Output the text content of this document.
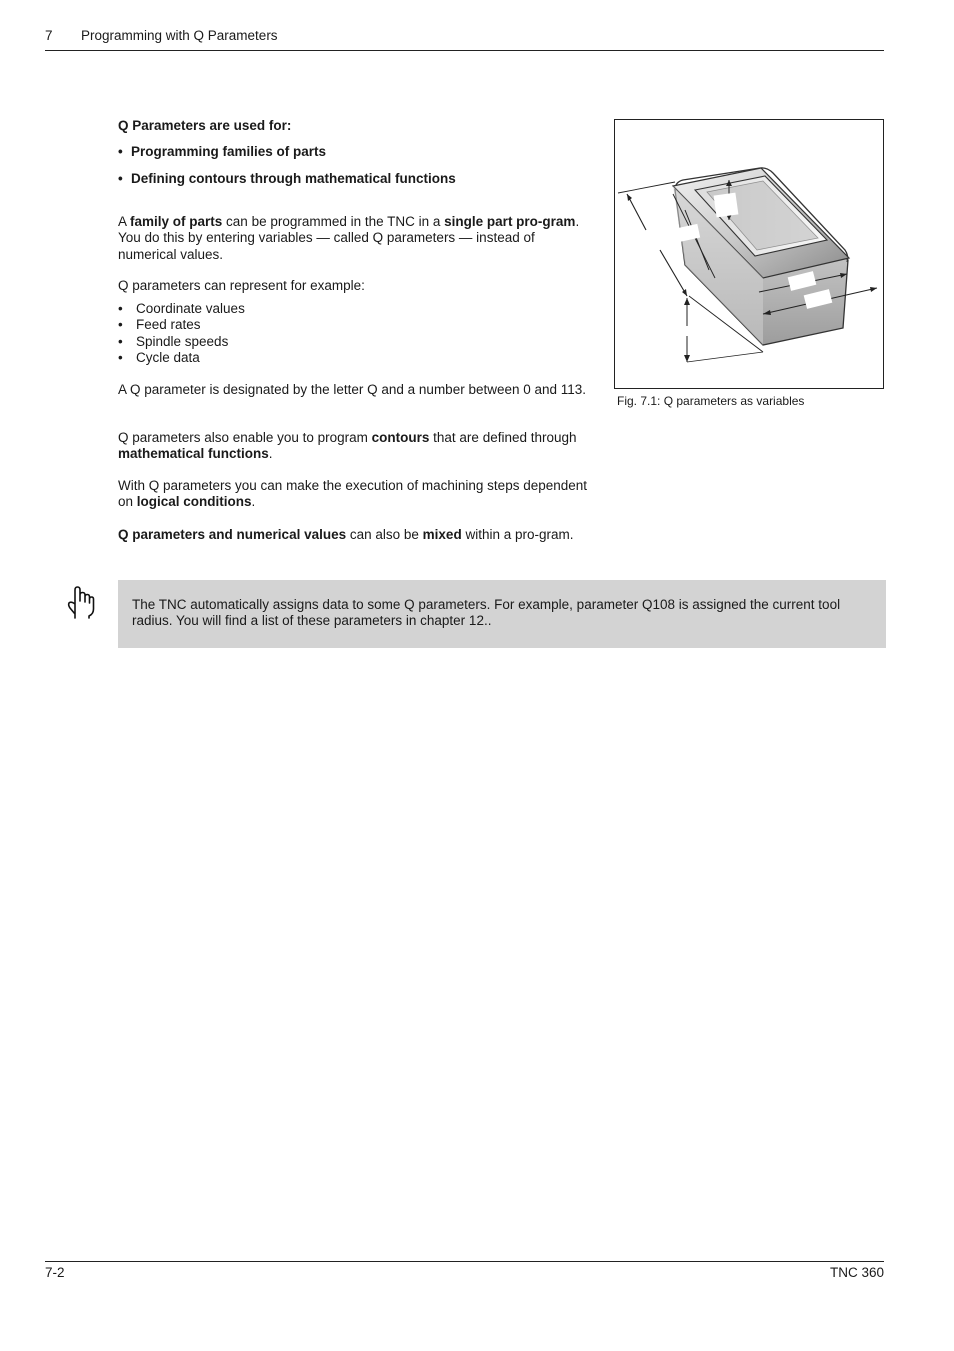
7 Programming with Q Parameters
Q Parameters are used for:
• Programming families of parts
• Defining contours through mathematical functions
A family of parts can be programmed in the TNC in a single part pro-gram. You do this by entering variables — called Q parameters — instead of numerical values.
Q parameters can represent for example:
• Coordinate values
• Feed rates
• Spindle speeds
• Cycle data
A Q parameter is designated by the letter Q and a number between 0 and 113.
Q parameters also enable you to program contours that are defined through mathematical functions.
With Q parameters you can make the execution of machining steps dependent on logical conditions.
Q parameters and numerical values can also be mixed within a pro-gram.
Fig. 7.1: Q parameters as variables
The TNC automatically assigns data to some Q parameters. For example, parameter Q108 is assigned the current tool radius. You will find a list of these parameters in chapter 12..
7-2	TNC 360
